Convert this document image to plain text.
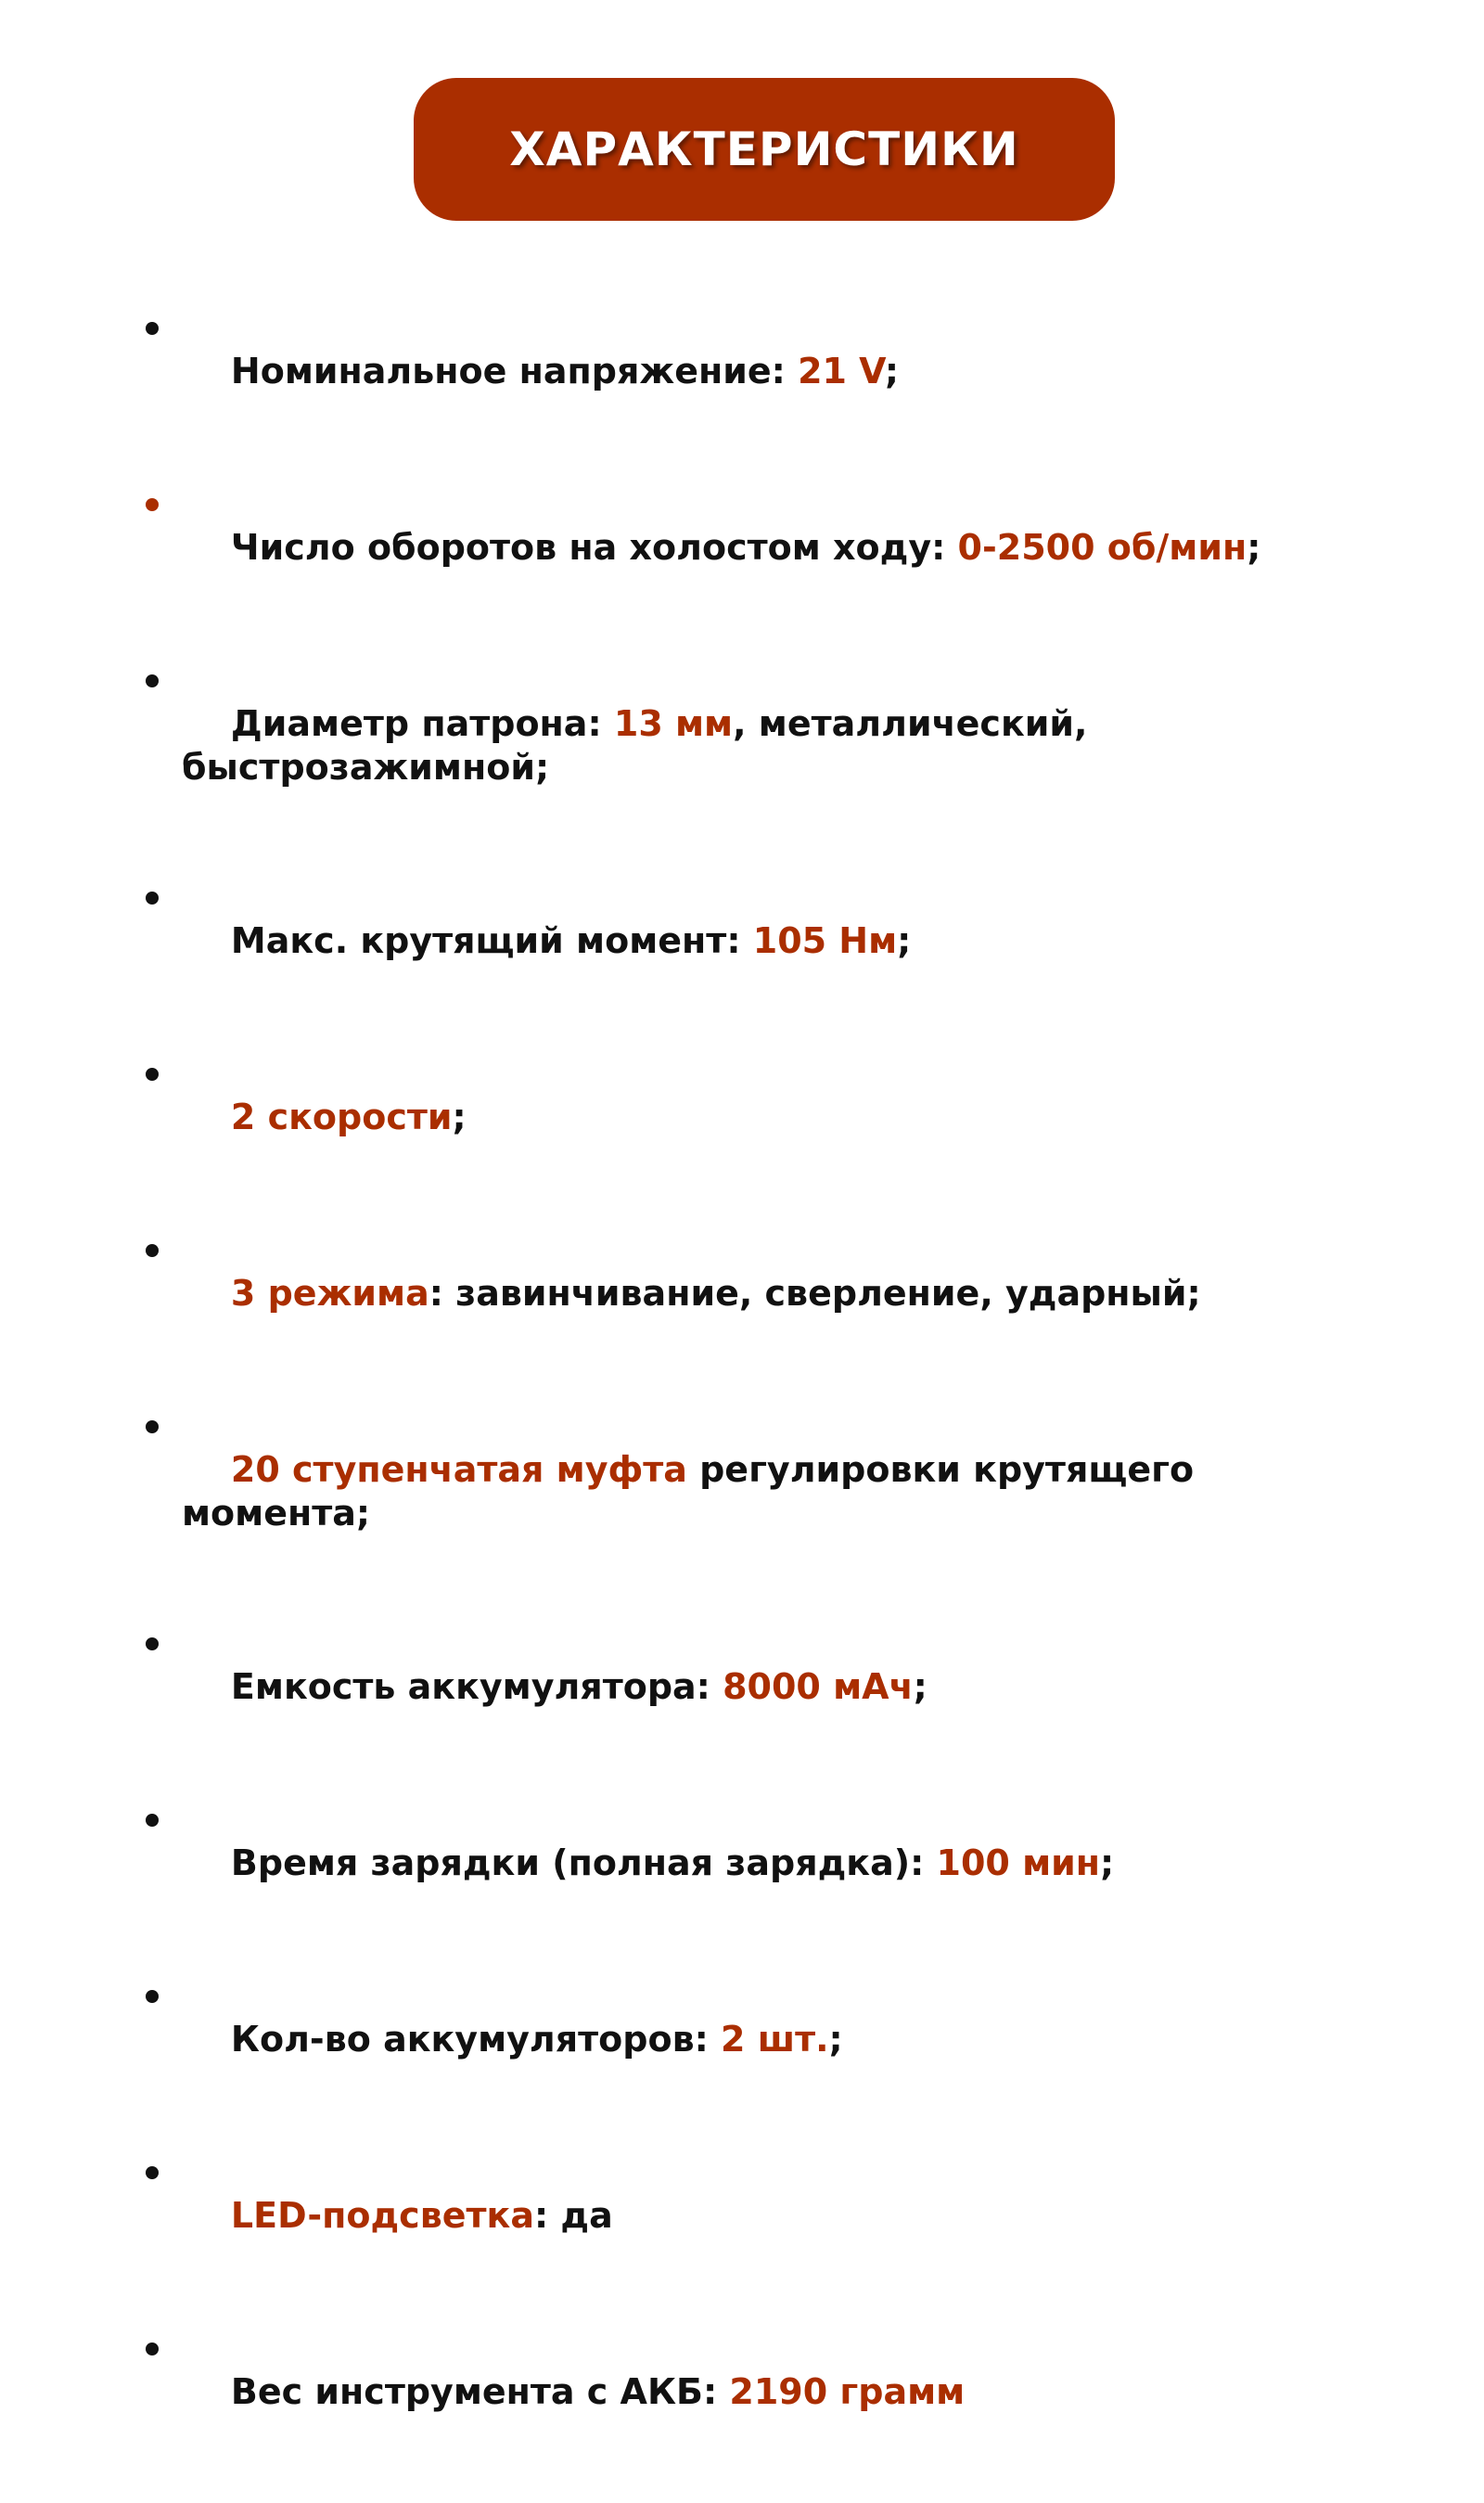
ХАРАКТЕРИСТИКИ

Номинальное напряжение: 21 V;

Число оборотов на холостом ходу: 0-2500 об/мин;

Диаметр патрона: 13 мм, металлический,
быстрозажимной;

Макс. крутящий момент: 105 Нм;

2 скорости;

3 режима: завинчивание, сверление, ударный;

20 ступенчатая муфта регулировки крутящего
момента;

Емкость аккумулятора: 8000 мАч;

Время зарядки (полная зарядка): 100 мин;

Кол-во аккумуляторов: 2 шт.;

LED-подсветка: да

Вес инструмента с АКБ: 2190 грамм
